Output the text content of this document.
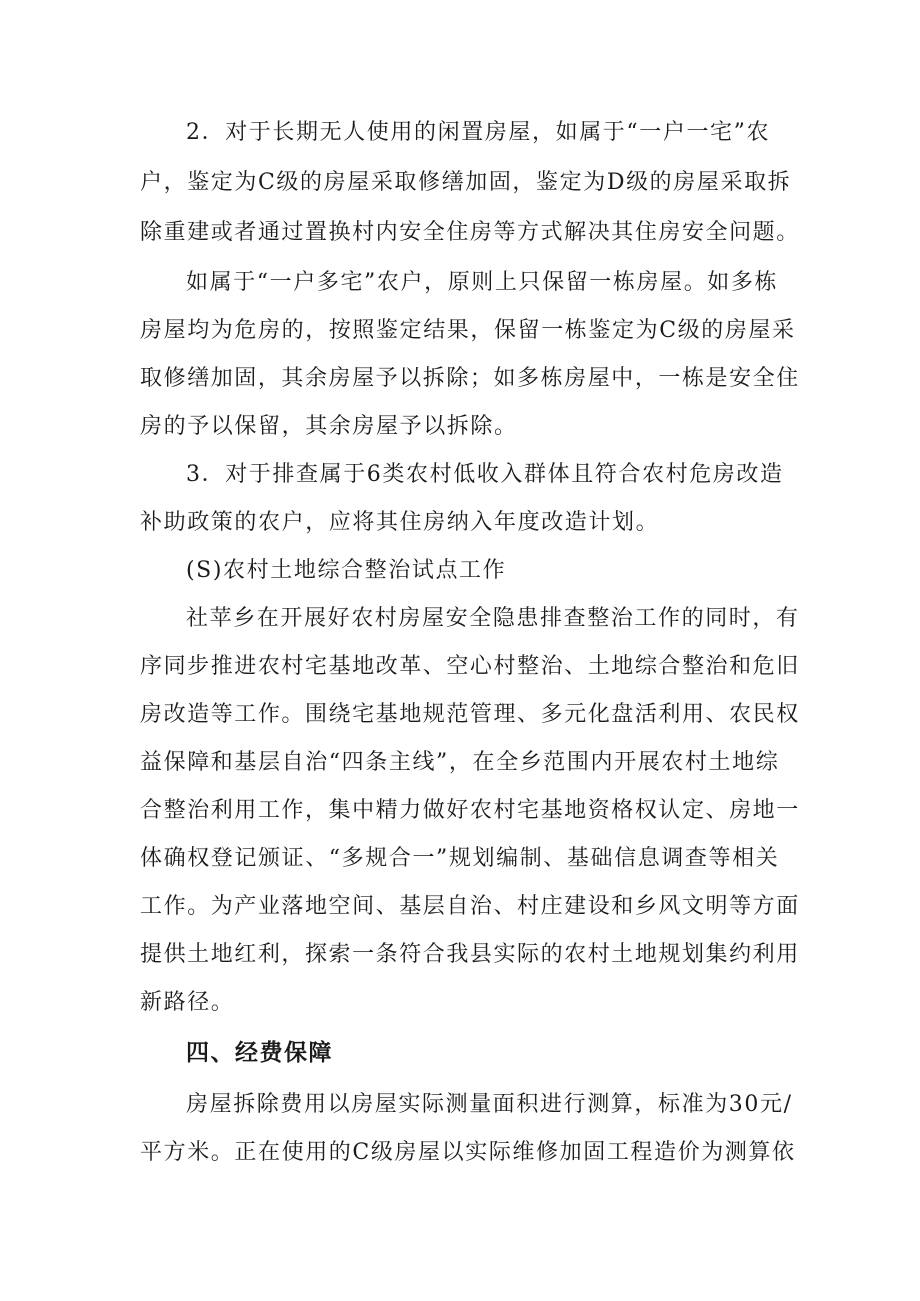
2．对于长期无人使用的闲置房屋，如属于“一户一宅”农
户，鉴定为C级的房屋采取修缮加固，鉴定为D级的房屋采取拆
除重建或者通过置换村内安全住房等方式解决其住房安全问题。
如属于“一户多宅”农户，原则上只保留一栋房屋。如多栋
房屋均为危房的，按照鉴定结果，保留一栋鉴定为C级的房屋采
取修缮加固，其余房屋予以拆除；如多栋房屋中，一栋是安全住
房的予以保留，其余房屋予以拆除。
3．对于排查属于6类农村低收入群体且符合农村危房改造
补助政策的农户，应将其住房纳入年度改造计划。
(S)农村土地综合整治试点工作
社苹乡在开展好农村房屋安全隐患排查整治工作的同时，有
序同步推进农村宅基地改革、空心村整治、土地综合整治和危旧
房改造等工作。围绕宅基地规范管理、多元化盘活利用、农民权
益保障和基层自治“四条主线”，在全乡范围内开展农村土地综
合整治利用工作，集中精力做好农村宅基地资格权认定、房地一
体确权登记颁证、“多规合一”规划编制、基础信息调查等相关
工作。为产业落地空间、基层自治、村庄建设和乡风文明等方面
提供土地红利，探索一条符合我县实际的农村土地规划集约利用
新路径。
四、经费保障
房屋拆除费用以房屋实际测量面积进行测算，标准为30元/
平方米。正在使用的C级房屋以实际维修加固工程造价为测算依
